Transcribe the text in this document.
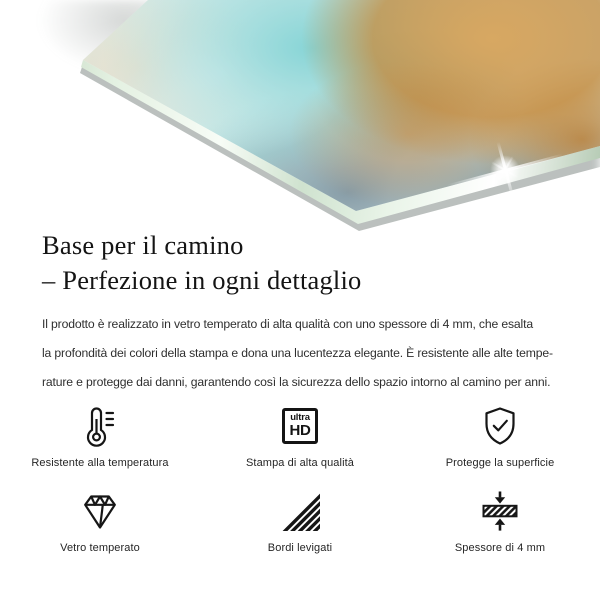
Base per il camino
– Perfezione in ogni dettaglio

Il prodotto è realizzato in vetro temperato di alta qualità con uno spessore di 4 mm, che esalta
la profondità dei colori della stampa e dona una lucentezza elegante. È resistente alle alte tempe-
rature e protegge dai danni, garantendo così la sicurezza dello spazio intorno al camino per anni.

Resistente alla temperatura
ultra
HD
Stampa di alta qualità	Protegge la superficie
Vetro temperato	Bordi levigati	Spessore di 4 mm
